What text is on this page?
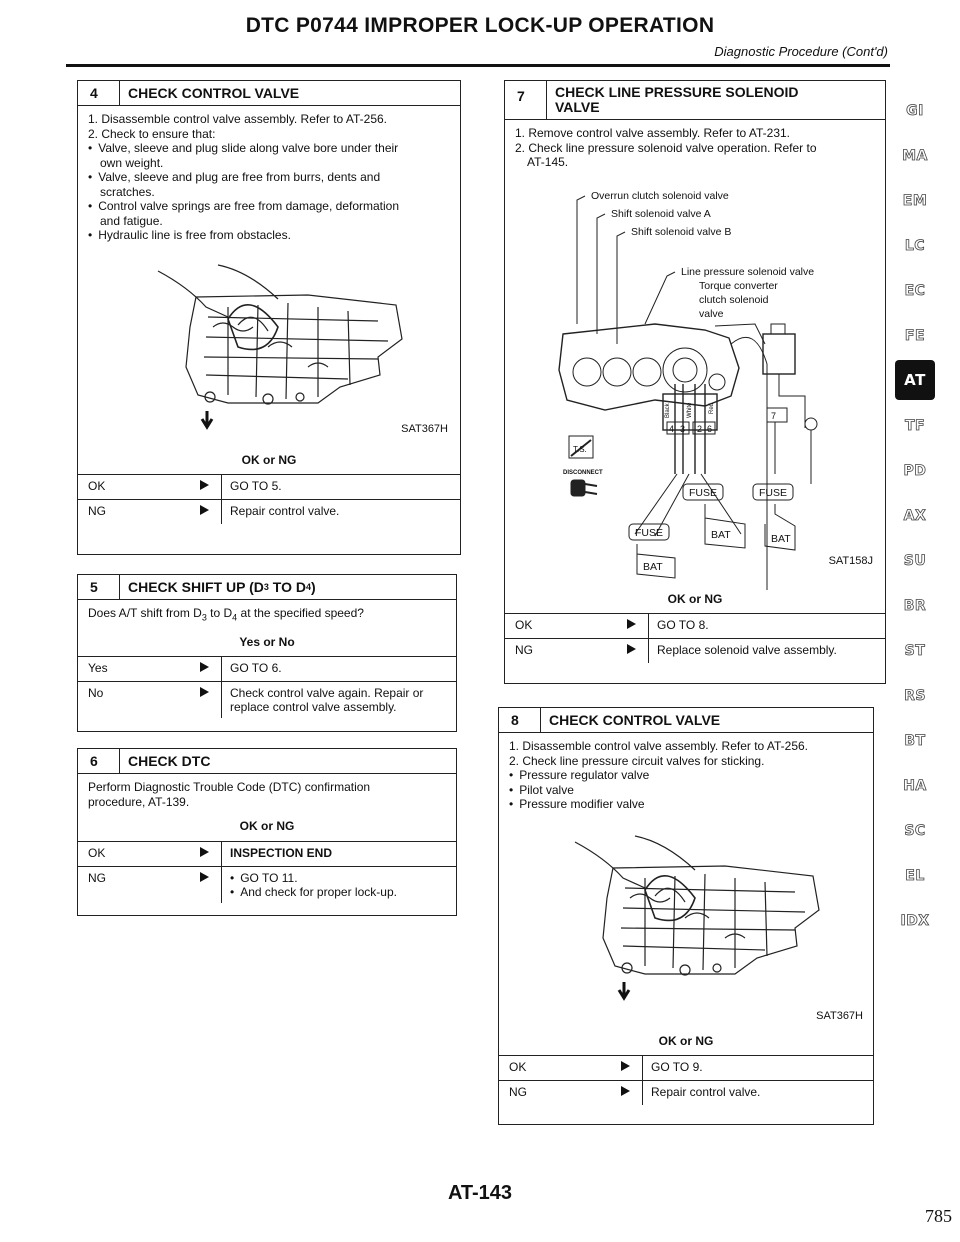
DTC P0744 IMPROPER LOCK-UP OPERATION
Diagnostic Procedure (Cont'd)
4	CHECK CONTROL VALVE
1. Disassemble control valve assembly. Refer to AT-256.
2. Check to ensure that:
• Valve, sleeve and plug slide along valve bore under their
own weight.
• Valve, sleeve and plug are free from burrs, dents and
scratches.
• Control valve springs are free from damage, deformation
and fatigue.
• Hydraulic line is free from obstacles.
SAT367H
OK or NG
OK	GO TO 5.
NG	Repair control valve.
5	CHECK SHIFT UP (D 3 TO D 4 )
Does A/T shift from $D_3$ to $D_4$ at the specified speed?
Yes or No
Yes	GO TO 6.
No	Check control valve again. Repair or
replace control valve assembly.
6	CHECK DTC
Perform Diagnostic Trouble Code (DTC) confirmation
procedure, AT-139.
OK or NG
OK	INSPECTION END
NG
•	GO TO 11.
• And check for proper lock-up.
7	CHECK LINE PRESSURE SOLENOID
VALVE
1. Remove control valve assembly. Refer to AT-231.
2. Check line pressure solenoid valve operation. Refer to
AT-145.
Overrun clutch solenoid valve
Shift solenoid valve A
Shift solenoid valve B
Line pressure solenoid valve
Torque converter
clutch solenoid
valve
FUSE	FUSE
FUSE	BAT	BAT
BAT
T.S.
DISCONNECT
4 3 2 6
7
Black	White	Red
SAT158J
OK or NG
OK	GO TO 8.
NG	Replace solenoid valve assembly.
8	CHECK CONTROL VALVE
1. Disassemble control valve assembly. Refer to AT-256.
2. Check line pressure circuit valves for sticking.
• Pressure regulator valve
• Pilot valve
• Pressure modifier valve
SAT367H
OK or NG
OK	GO TO 9.
NG	Repair control valve.
GI
MA
EM
LC
EC
FE
AT
TF
PD
AX
SU
BR
ST
RS
BT
HA
SC
EL
IDX
AT-143
785
